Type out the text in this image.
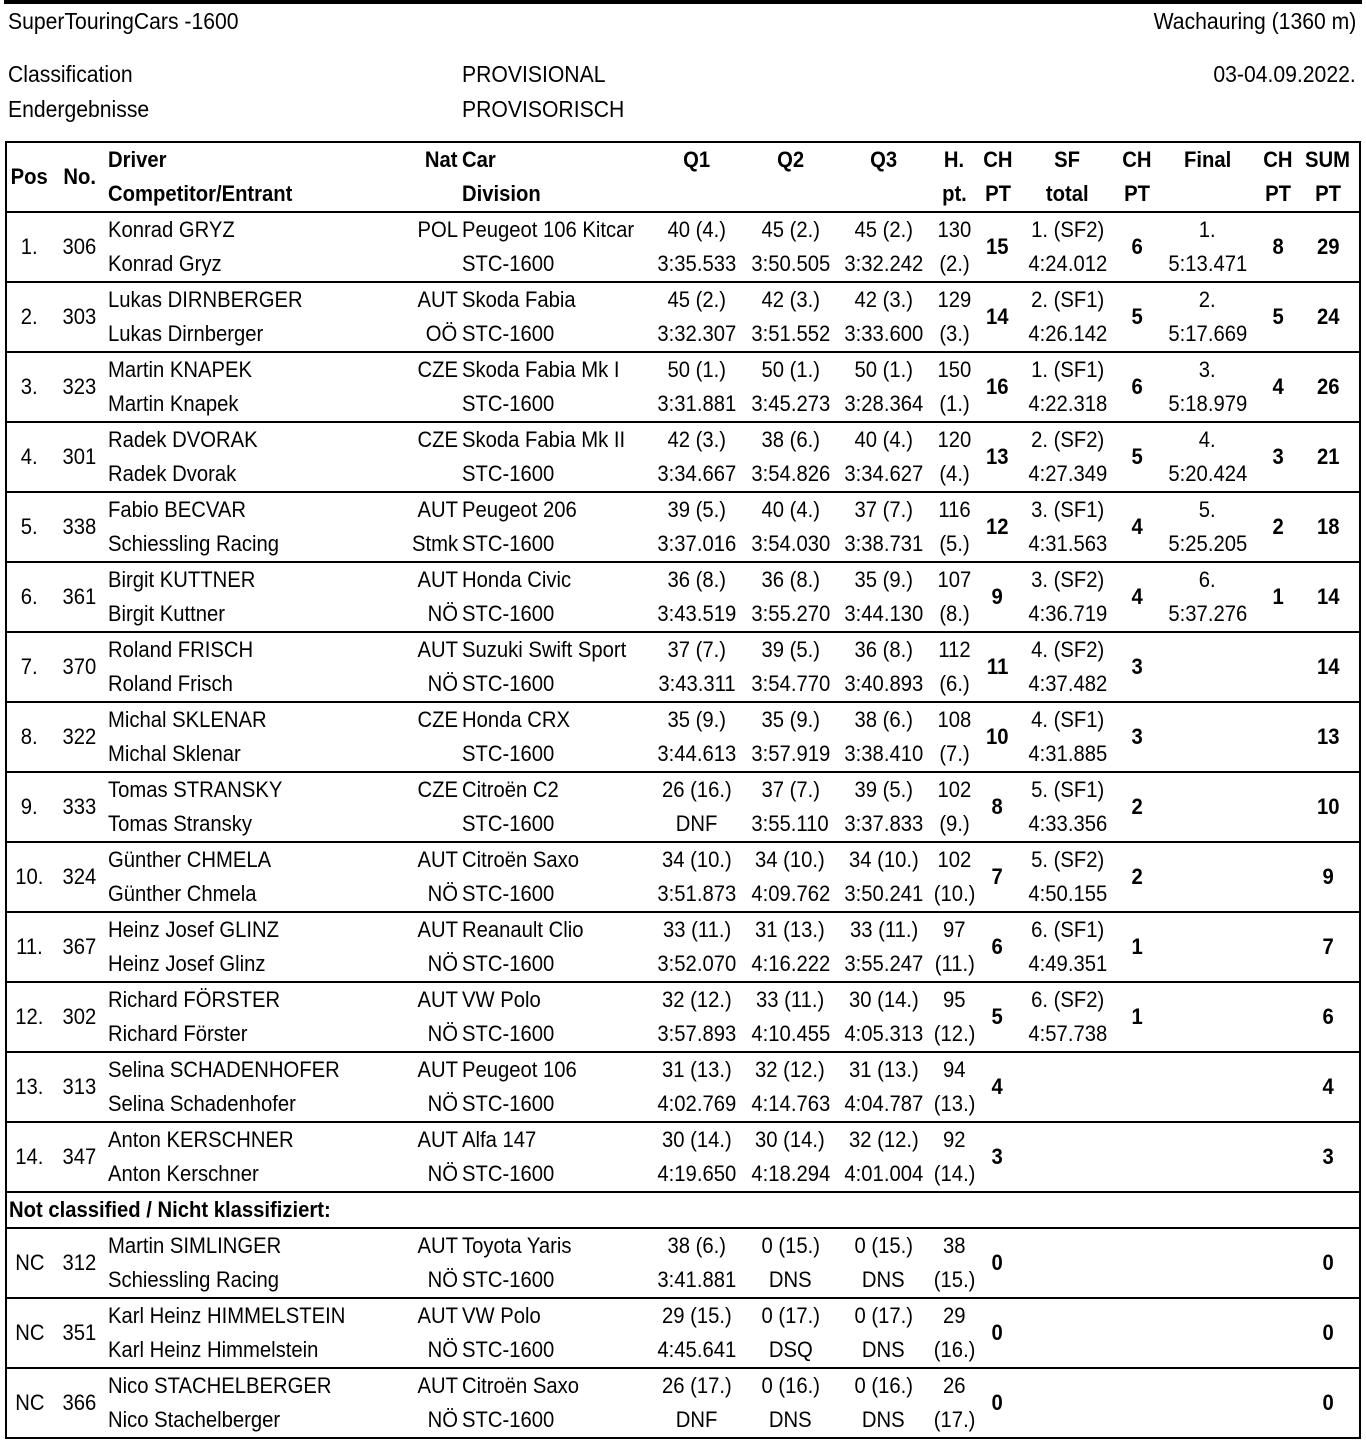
SuperTouringCars -1600	Wachauring (1360 m)
Classification
Endergebnisse
PROVISIONAL
PROVISORISCH
03-04.09.2022.
Pos	No.	Driver	Nat	Car	Q1	Q2	Q3	H.	CH	SF	CH	Final	CH	SUM
		Competitor/Entrant		Division				pt.	PT	total	PT		PT	PT
1.	306	Konrad GRYZ	POL	Peugeot 106 Kitcar	40 (4.)	45 (2.)	45 (2.)	130	15	1. (SF2)	6	1.	8	29
		Konrad Gryz		STC-1600	3:35.533	3:50.505	3:32.242	(2.)		4:24.012		5:13.471		
2.	303	Lukas DIRNBERGER	AUT	Skoda Fabia	45 (2.)	42 (3.)	42 (3.)	129	14	2. (SF1)	5	2.	5	24
		Lukas Dirnberger	OÖ	STC-1600	3:32.307	3:51.552	3:33.600	(3.)		4:26.142		5:17.669		
3.	323	Martin KNAPEK	CZE	Skoda Fabia Mk I	50 (1.)	50 (1.)	50 (1.)	150	16	1. (SF1)	6	3.	4	26
		Martin Knapek		STC-1600	3:31.881	3:45.273	3:28.364	(1.)		4:22.318		5:18.979		
4.	301	Radek DVORAK	CZE	Skoda Fabia Mk II	42 (3.)	38 (6.)	40 (4.)	120	13	2. (SF2)	5	4.	3	21
		Radek Dvorak		STC-1600	3:34.667	3:54.826	3:34.627	(4.)		4:27.349		5:20.424		
5.	338	Fabio BECVAR	AUT	Peugeot 206	39 (5.)	40 (4.)	37 (7.)	116	12	3. (SF1)	4	5.	2	18
		Schiessling Racing	Stmk	STC-1600	3:37.016	3:54.030	3:38.731	(5.)		4:31.563		5:25.205		
6.	361	Birgit KUTTNER	AUT	Honda Civic	36 (8.)	36 (8.)	35 (9.)	107	9	3. (SF2)	4	6.	1	14
		Birgit Kuttner	NÖ	STC-1600	3:43.519	3:55.270	3:44.130	(8.)		4:36.719		5:37.276		
7.	370	Roland FRISCH	AUT	Suzuki Swift Sport	37 (7.)	39 (5.)	36 (8.)	112	11	4. (SF2)	3			14
		Roland Frisch	NÖ	STC-1600	3:43.311	3:54.770	3:40.893	(6.)		4:37.482				
8.	322	Michal SKLENAR	CZE	Honda CRX	35 (9.)	35 (9.)	38 (6.)	108	10	4. (SF1)	3			13
		Michal Sklenar		STC-1600	3:44.613	3:57.919	3:38.410	(7.)		4:31.885				
9.	333	Tomas STRANSKY	CZE	Citroën C2	26 (16.)	37 (7.)	39 (5.)	102	8	5. (SF1)	2			10
		Tomas Stransky		STC-1600	DNF	3:55.110	3:37.833	(9.)		4:33.356				
10.	324	Günther CHMELA	AUT	Citroën Saxo	34 (10.)	34 (10.)	34 (10.)	102	7	5. (SF2)	2			9
		Günther Chmela	NÖ	STC-1600	3:51.873	4:09.762	3:50.241	(10.)		4:50.155				
11.	367	Heinz Josef GLINZ	AUT	Reanault Clio	33 (11.)	31 (13.)	33 (11.)	97	6	6. (SF1)	1			7
		Heinz Josef Glinz	NÖ	STC-1600	3:52.070	4:16.222	3:55.247	(11.)		4:49.351				
12.	302	Richard FÖRSTER	AUT	VW Polo	32 (12.)	33 (11.)	30 (14.)	95	5	6. (SF2)	1			6
		Richard Förster	NÖ	STC-1600	3:57.893	4:10.455	4:05.313	(12.)		4:57.738				
13.	313	Selina SCHADENHOFER	AUT	Peugeot 106	31 (13.)	32 (12.)	31 (13.)	94	4					4
		Selina Schadenhofer	NÖ	STC-1600	4:02.769	4:14.763	4:04.787	(13.)						
14.	347	Anton KERSCHNER	AUT	Alfa 147	30 (14.)	30 (14.)	32 (12.)	92	3					3
		Anton Kerschner	NÖ	STC-1600	4:19.650	4:18.294	4:01.004	(14.)						
Not classified / Nicht klassifiziert:														
NC	312	Martin SIMLINGER	AUT	Toyota Yaris	38 (6.)	0 (15.)	0 (15.)	38	0					0
		Schiessling Racing	NÖ	STC-1600	3:41.881	DNS	DNS	(15.)						
NC	351	Karl Heinz HIMMELSTEIN	AUT	VW Polo	29 (15.)	0 (17.)	0 (17.)	29	0					0
		Karl Heinz Himmelstein	NÖ	STC-1600	4:45.641	DSQ	DNS	(16.)						
NC	366	Nico STACHELBERGER	AUT	Citroën Saxo	26 (17.)	0 (16.)	0 (16.)	26	0					0
		Nico Stachelberger	NÖ	STC-1600	DNF	DNS	DNS	(17.)						
